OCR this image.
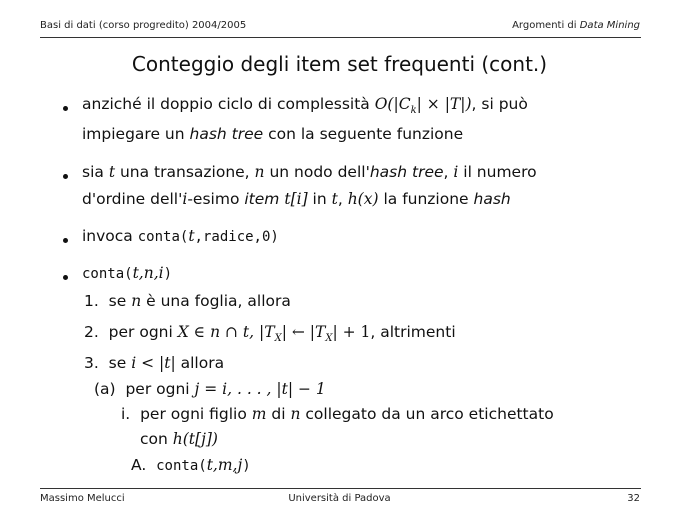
Basi di dati (corso progredito) 2004/2005	Argomenti di Data Mining
Conteggio degli item set frequenti (cont.)
anziché il doppio ciclo di complessità $O(|C_k| \times |T|)$, si può
impiegare un hash tree con la seguente funzione
sia t una transazione, n un nodo dell'hash tree, i il numero
d'ordine dell'i-esimo item t[i] in t, h(x) la funzione hash
invoca conta(t,radice,0)
conta(t,n,i)
1. se n è una foglia, allora
2. per ogni X ∈ n ∩ t, $|T_X|$ ← $|T_X| + 1$, altrimenti
3. se i < |t| allora
(a) per ogni j = i, . . . , |t| − 1
i. per ogni figlio m di n collegato da un arco etichettato
con h(t[j])
A. conta(t,m,j)
Massimo Melucci	Università di Padova	32
